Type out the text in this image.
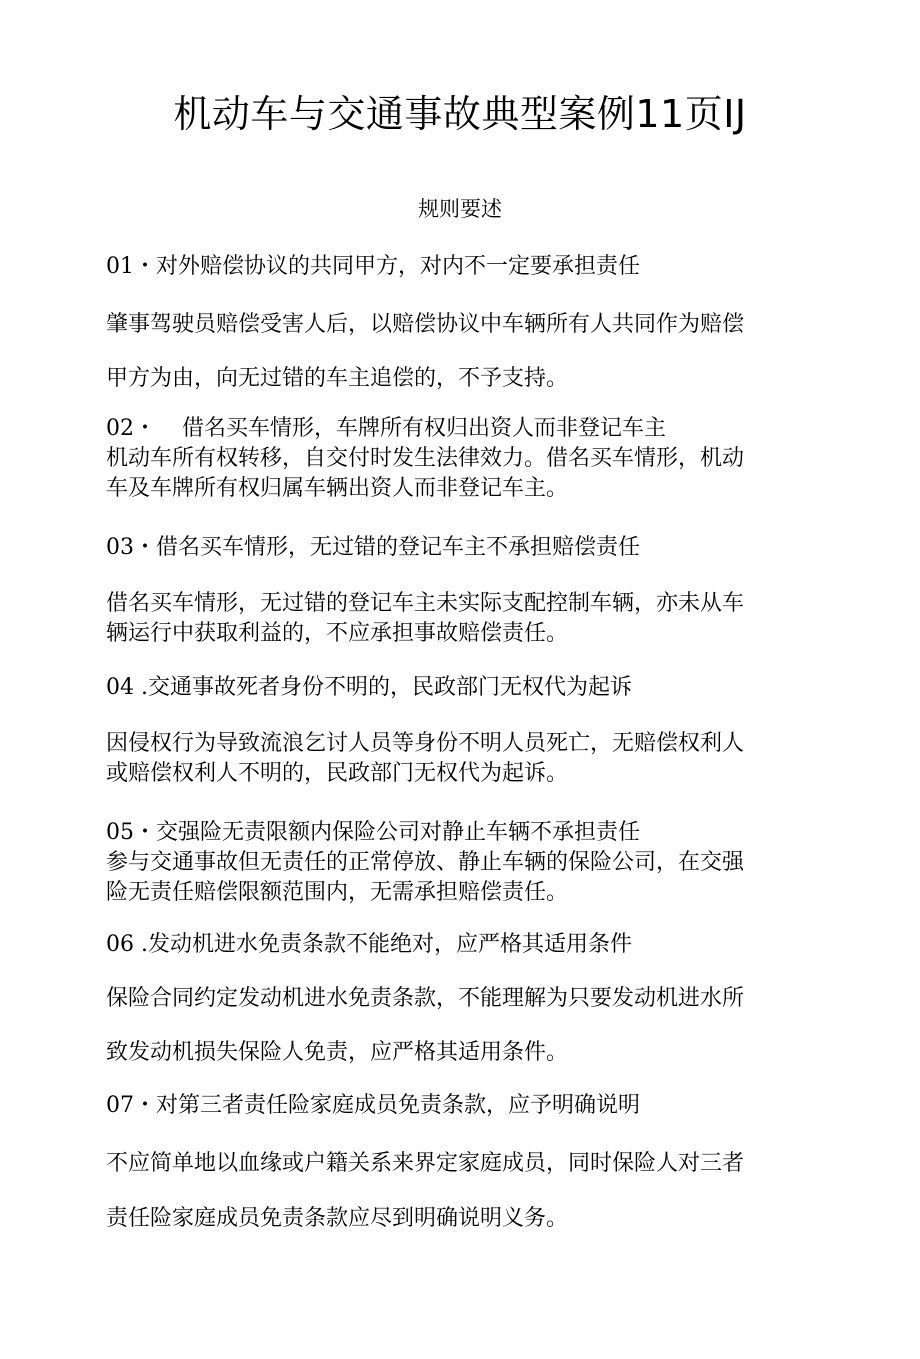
机动车与交通事故典型案例11页IJ
规则要述
01・对外赔偿协议的共同甲方，对内不一定要承担责任
肇事驾驶员赔偿受害人后，以赔偿协议中车辆所有人共同作为赔偿
甲方为由，向无过错的车主追偿的，不予支持。
02・ 借名买车情形，车牌所有权归出资人而非登记车主
机动车所有权转移，自交付时发生法律效力。借名买车情形，机动
车及车牌所有权归属车辆出资人而非登记车主。
03・借名买车情形，无过错的登记车主不承担赔偿责任
借名买车情形，无过错的登记车主未实际支配控制车辆，亦未从车
辆运行中获取利益的，不应承担事故赔偿责任。
04 .交通事故死者身份不明的，民政部门无权代为起诉
因侵权行为导致流浪乞讨人员等身份不明人员死亡，无赔偿权利人
或赔偿权利人不明的，民政部门无权代为起诉。
05・交强险无责限额内保险公司对静止车辆不承担责任
参与交通事故但无责任的正常停放、静止车辆的保险公司，在交强
险无责任赔偿限额范围内，无需承担赔偿责任。
06 .发动机进水免责条款不能绝对，应严格其适用条件
保险合同约定发动机进水免责条款，不能理解为只要发动机进水所
致发动机损失保险人免责，应严格其适用条件。
07・对第三者责任险家庭成员免责条款，应予明确说明
不应简单地以血缘或户籍关系来界定家庭成员，同时保险人对三者
责任险家庭成员免责条款应尽到明确说明义务。
